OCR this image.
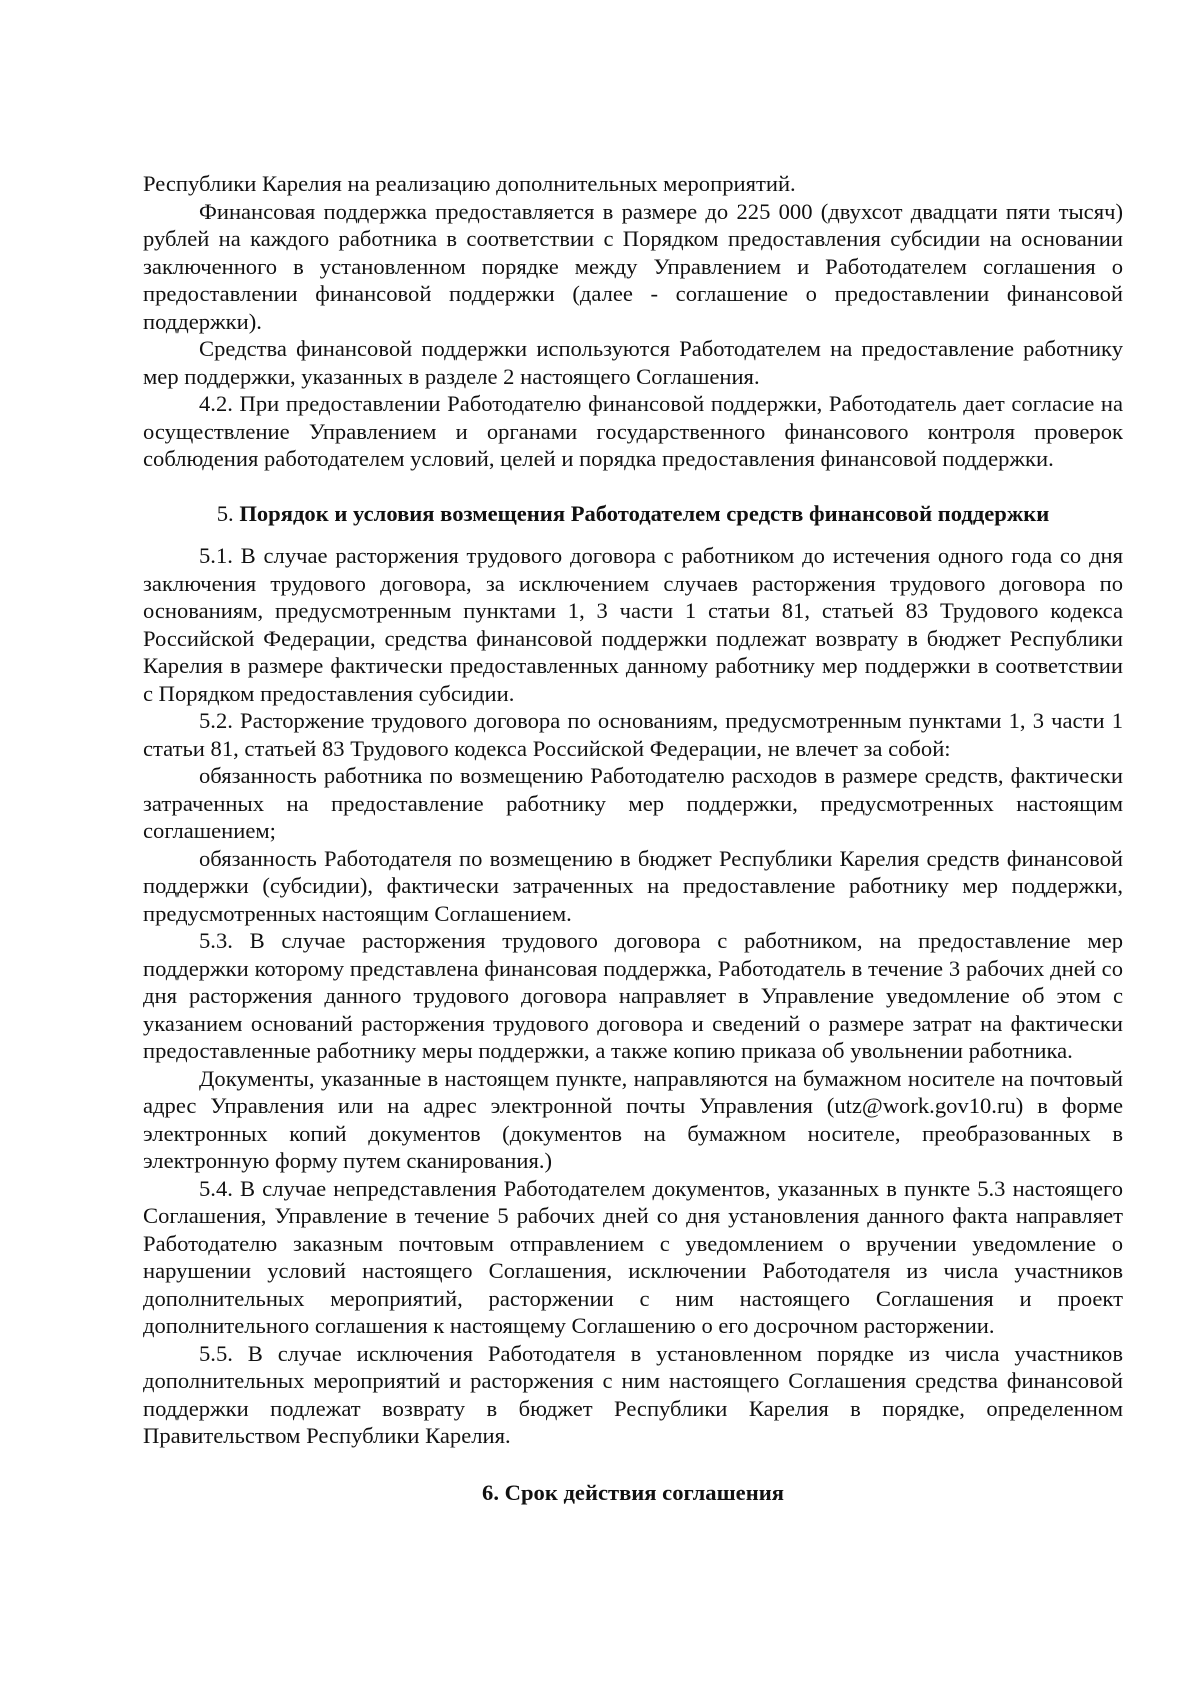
Республики Карелия на реализацию дополнительных мероприятий.

Финансовая поддержка предоставляется в размере до 225 000 (двухсот двадцати пяти тысяч) рублей на каждого работника в соответствии с Порядком предоставления субсидии на основании заключенного в установленном порядке между Управлением и Работодателем соглашения о предоставлении финансовой поддержки (далее - соглашение о предоставлении финансовой поддержки).

Средства финансовой поддержки используются Работодателем на предоставление работнику мер поддержки, указанных в разделе 2 настоящего Соглашения.

4.2. При предоставлении Работодателю финансовой поддержки, Работодатель дает согласие на осуществление Управлением и органами государственного финансового контроля проверок соблюдения работодателем условий, целей и порядка предоставления финансовой поддержки.

5. Порядок и условия возмещения Работодателем средств финансовой поддержки

5.1. В случае расторжения трудового договора с работником до истечения одного года со дня заключения трудового договора, за исключением случаев расторжения трудового договора по основаниям, предусмотренным пунктами 1, 3 части 1 статьи 81, статьей 83 Трудового кодекса Российской Федерации, средства финансовой поддержки подлежат возврату в бюджет Республики Карелия в размере фактически предоставленных данному работнику мер поддержки в соответствии с Порядком предоставления субсидии.

5.2. Расторжение трудового договора по основаниям, предусмотренным пунктами 1, 3 части 1 статьи 81, статьей 83 Трудового кодекса Российской Федерации, не влечет за собой:

обязанность работника по возмещению Работодателю расходов в размере средств, фактически затраченных на предоставление работнику мер поддержки, предусмотренных настоящим соглашением;

обязанность Работодателя по возмещению в бюджет Республики Карелия средств финансовой поддержки (субсидии), фактически затраченных на предоставление работнику мер поддержки, предусмотренных настоящим Соглашением.

5.3. В случае расторжения трудового договора с работником, на предоставление мер поддержки которому представлена финансовая поддержка, Работодатель в течение 3 рабочих дней со дня расторжения данного трудового договора направляет в Управление уведомление об этом с указанием оснований расторжения трудового договора и сведений о размере затрат на фактически предоставленные работнику меры поддержки, а также копию приказа об увольнении работника.

Документы, указанные в настоящем пункте, направляются на бумажном носителе на почтовый адрес Управления или на адрес электронной почты Управления (utz@work.gov10.ru) в форме электронных копий документов (документов на бумажном носителе, преобразованных в электронную форму путем сканирования.)

5.4. В случае непредставления Работодателем документов, указанных в пункте 5.3 настоящего Соглашения, Управление в течение 5 рабочих дней со дня установления данного факта направляет Работодателю заказным почтовым отправлением с уведомлением о вручении уведомление о нарушении условий настоящего Соглашения, исключении Работодателя из числа участников дополнительных мероприятий, расторжении с ним настоящего Соглашения и проект дополнительного соглашения к настоящему Соглашению о его досрочном расторжении.

5.5. В случае исключения Работодателя в установленном порядке из числа участников дополнительных мероприятий и расторжения с ним настоящего Соглашения средства финансовой поддержки подлежат возврату в бюджет Республики Карелия в порядке, определенном Правительством Республики Карелия.

6. Срок действия соглашения
